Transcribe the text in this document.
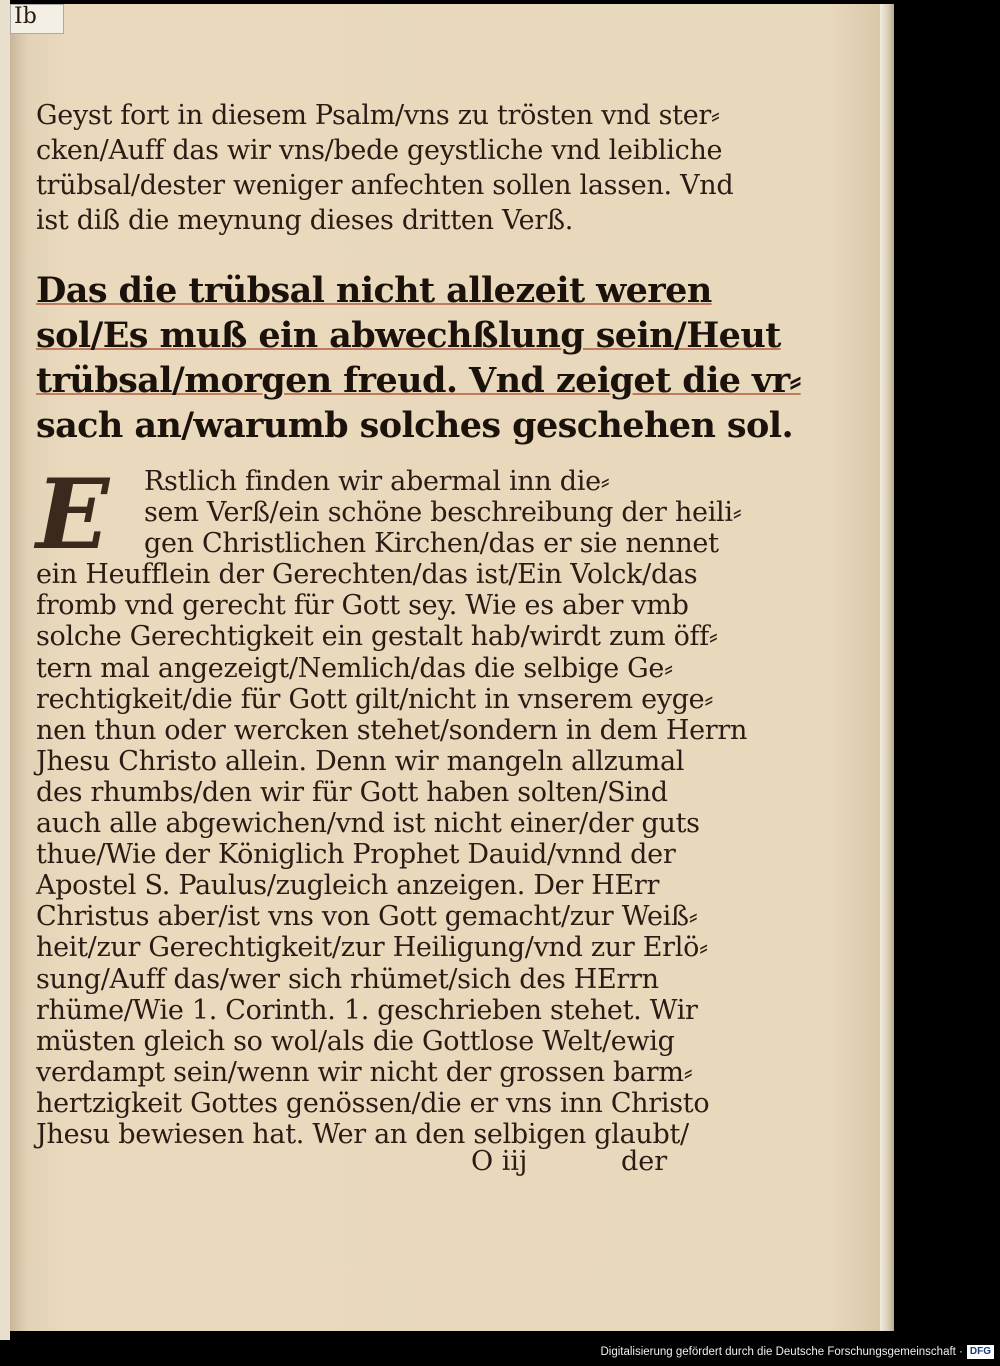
Ib
Geyst fort in diesem Psalm/vns zu trösten vnd ster⸗
cken/Auff das wir vns/bede geystliche vnd leibliche
trübsal/dester weniger anfechten sollen lassen. Vnd
ist diß die meynung dieses dritten Verß.
Das die trübsal nicht allezeit weren
sol/Es muß ein abwechßlung sein/Heut
trübsal/morgen freud. Vnd zeiget die vr⸗
sach an/warumb solches geschehen sol.
E	Rstlich finden wir abermal inn die⸗
sem Verß/ein schöne beschreibung der heili⸗
gen Christlichen Kirchen/das er sie nennet
ein Heufflein der Gerechten/das ist/Ein Volck/das
fromb vnd gerecht für Gott sey. Wie es aber vmb
solche Gerechtigkeit ein gestalt hab/wirdt zum öff⸗
tern mal angezeigt/Nemlich/das die selbige Ge⸗
rechtigkeit/die für Gott gilt/nicht in vnserem eyge⸗
nen thun oder wercken stehet/sondern in dem Herrn
Jhesu Christo allein. Denn wir mangeln allzumal
des rhumbs/den wir für Gott haben solten/Sind
auch alle abgewichen/vnd ist nicht einer/der guts
thue/Wie der Königlich Prophet Dauid/vnnd der
Apostel S. Paulus/zugleich anzeigen. Der HErr
Christus aber/ist vns von Gott gemacht/zur Weiß⸗
heit/zur Gerechtigkeit/zur Heiligung/vnd zur Erlö⸗
sung/Auff das/wer sich rhümet/sich des HErrn
rhüme/Wie 1. Corinth. 1. geschrieben stehet. Wir
müsten gleich so wol/als die Gottlose Welt/ewig
verdampt sein/wenn wir nicht der grossen barm⸗
hertzigkeit Gottes genössen/die er vns inn Christo
Jhesu bewiesen hat. Wer an den selbigen glaubt/
O iij	der
Digitalisierung gefördert durch die Deutsche Forschungsgemeinschaft · DFG
